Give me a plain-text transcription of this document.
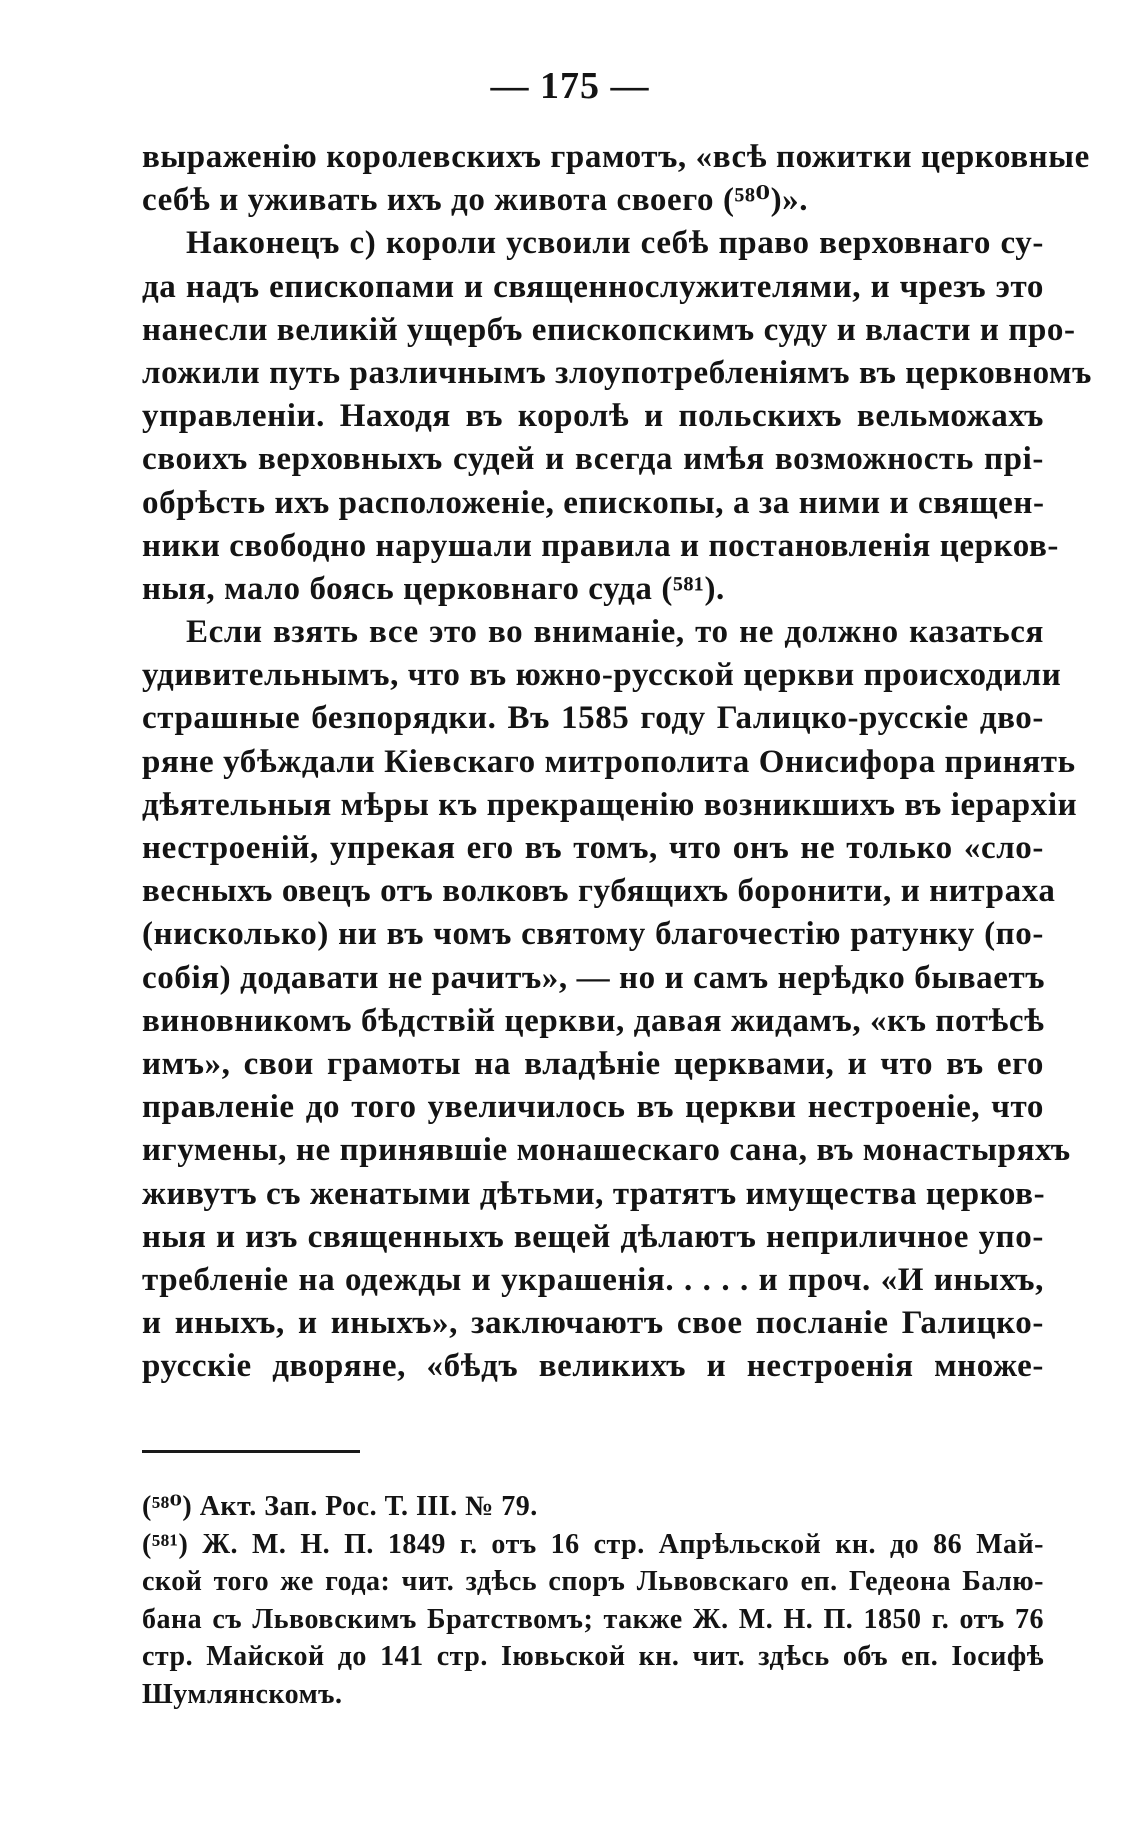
— 175 —
выраженію королевскихъ грамотъ, «всѣ пожитки церковные
себѣ и уживать ихъ до живота своего (⁵⁸⁰)».
Наконецъ c) короли усвоили себѣ право верховнаго су-
да надъ епископами и священнослужителями, и чрезъ это
нанесли великій ущербъ епископскимъ суду и власти и про-
ложили путь различнымъ злоупотребленіямъ въ церковномъ
управленіи. Находя въ королѣ и польскихъ вельможахъ
своихъ верховныхъ судей и всегда имѣя возможность прі-
обрѣсть ихъ расположеніе, епископы, а за ними и священ-
ники свободно нарушали правила и постановленія церков-
ныя, мало боясь церковнаго суда (⁵⁸¹).
Если взять все это во вниманіе, то не должно казаться
удивительнымъ, что въ южно-русской церкви происходили
страшные безпорядки. Въ 1585 году Галицко-русскіе дво-
ряне убѣждали Кіевскаго митрополита Онисифора принять
дѣятельныя мѣры къ прекращенію возникшихъ въ іерархіи
нестроеній, упрекая его въ томъ, что онъ не только «сло-
весныхъ овецъ отъ волковъ губящихъ боронити, и нитраха
(нисколько) ни въ чомъ святому благочестію ратунку (по-
собія) додавати не рачитъ», — но и самъ нерѣдко бываетъ
виновникомъ бѣдствій церкви, давая жидамъ, «къ потѣсѣ
имъ», свои грамоты на владѣніе церквами, и что въ его
правленіе до того увеличилось въ церкви нестроеніе, что
игумены, не принявшіе монашескаго сана, въ монастыряхъ
живутъ съ женатыми дѣтьми, тратятъ имущества церков-
ныя и изъ священныхъ вещей дѣлаютъ неприличное упо-
требленіе на одежды и украшенія. . . . . и проч. «И иныхъ,
и иныхъ, и иныхъ», заключаютъ свое посланіе Галицко-
русскіе дворяне, «бѣдъ великихъ и нестроенія множе-
(⁵⁸⁰) Акт. Зап. Рос. Т. III. № 79.
(⁵⁸¹) Ж. М. Н. П. 1849 г. отъ 16 стр. Апрѣльской кн. до 86 Май-
ской того же года: чит. здѣсь споръ Львовскаго еп. Гедеона Балю-
бана съ Львовскимъ Братствомъ; также Ж. М. Н. П. 1850 г. отъ 76
стр. Майской до 141 стр. Іювьской кн. чит. здѣсь объ еп. Іосифѣ
Шумлянскомъ.
